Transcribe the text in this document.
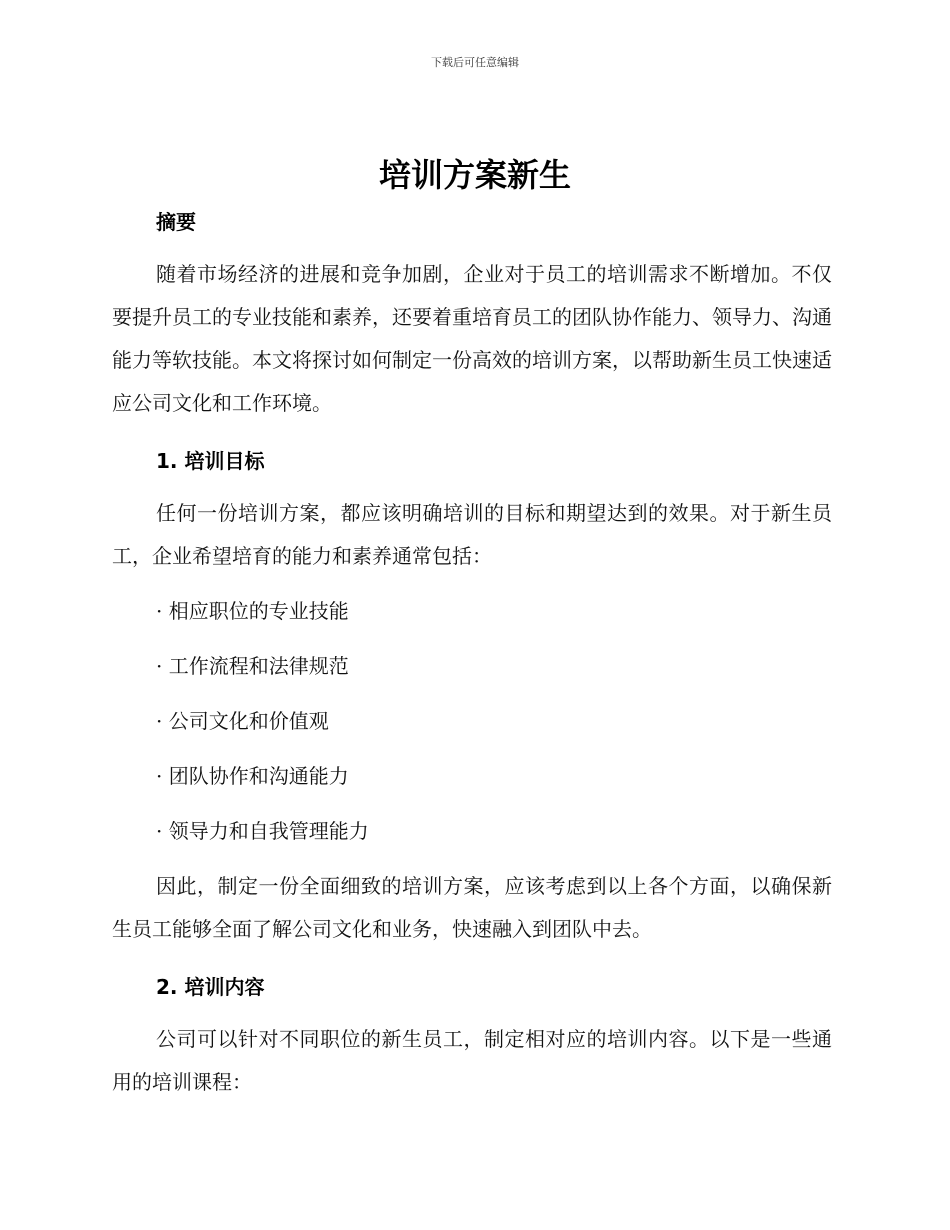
下载后可任意编辑
培训方案新生

摘要

随着市场经济的进展和竞争加剧，企业对于员工的培训需求不断增加。不仅要提升员工的专业技能和素养，还要着重培育员工的团队协作能力、领导力、沟通能力等软技能。本文将探讨如何制定一份高效的培训方案，以帮助新生员工快速适应公司文化和工作环境。

1. 培训目标

任何一份培训方案，都应该明确培训的目标和期望达到的效果。对于新生员工，企业希望培育的能力和素养通常包括：

· 相应职位的专业技能

· 工作流程和法律规范

· 公司文化和价值观

· 团队协作和沟通能力

· 领导力和自我管理能力

因此，制定一份全面细致的培训方案，应该考虑到以上各个方面，以确保新生员工能够全面了解公司文化和业务，快速融入到团队中去。

2. 培训内容

公司可以针对不同职位的新生员工，制定相对应的培训内容。以下是一些通用的培训课程：
